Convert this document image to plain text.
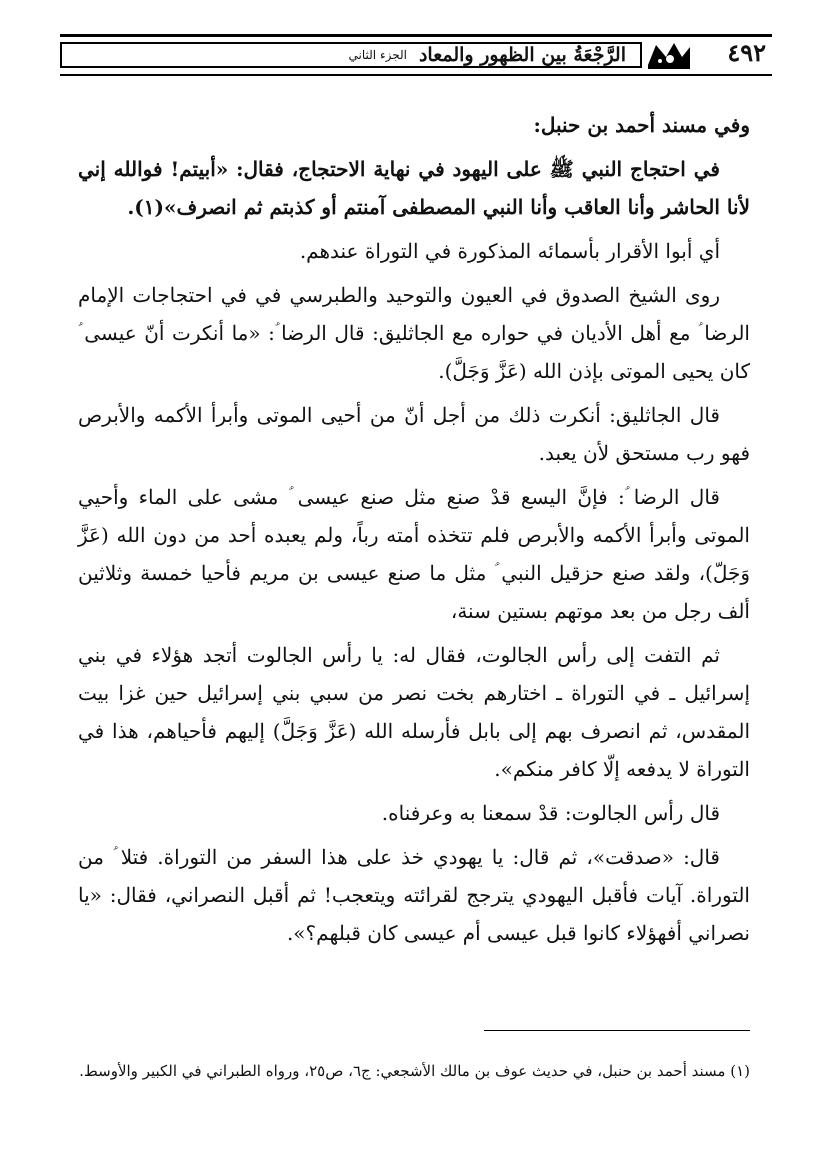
الرَّجْعَةُ بين الظهور والمعاد
الجزء الثاني	٤٩٢

وفي مسند أحمد بن حنبل:

في احتجاج النبي ﷺ على اليهود في نهاية الاحتجاج، فقال: «أبيتم! فوالله إني لأنا الحاشر وأنا العاقب وأنا النبي المصطفى آمنتم أو كذبتم ثم انصرف»(١).

أي أبوا الأقرار بأسمائه المذكورة في التوراة عندهم.

روى الشيخ الصدوق في العيون والتوحيد والطبرسي في في احتجاجات الإمام الرضا ؑ مع أهل الأديان في حواره مع الجاثليق: قال الرضا ؑ: «ما أنكرت أنّ عيسى ؑ كان يحيى الموتى بإذن الله (عَزَّ وَجَلَّ).

قال الجاثليق: أنكرت ذلك من أجل أنّ من أحيى الموتى وأبرأ الأكمه والأبرص فهو رب مستحق لأن يعبد.

قال الرضا ؑ: فإنَّ اليسع قدْ صنع مثل صنع عيسى ؑ مشى على الماء وأحيي الموتى وأبرأ الأكمه والأبرص فلم تتخذه أمته رباً، ولم يعبده أحد من دون الله (عَزَّ وَجَلّ)، ولقد صنع حزقيل النبي ؑ مثل ما صنع عيسى بن مريم فأحيا خمسة وثلاثين ألف رجل من بعد موتهم بستين سنة،

ثم التفت إلى رأس الجالوت، فقال له: يا رأس الجالوت أتجد هؤلاء في بني إسرائيل ـ في التوراة ـ اختارهم بخت نصر من سبي بني إسرائيل حين غزا بيت المقدس، ثم انصرف بهم إلى بابل فأرسله الله (عَزَّ وَجَلَّ) إليهم فأحياهم، هذا في التوراة لا يدفعه إلّا كافر منكم».

قال رأس الجالوت: قدْ سمعنا به وعرفناه.

قال: «صدقت»، ثم قال: يا يهودي خذ على هذا السفر من التوراة. فتلا ؑ من التوراة. آيات فأقبل اليهودي يترجج لقرائته ويتعجب! ثم أقبل النصراني، فقال: «يا نصراني أفهؤلاء كانوا قبل عيسى أم عيسى كان قبلهم؟».

(١) مسند أحمد بن حنبل، في حديث عوف بن مالك الأشجعي: ج٦، ص٢٥، ورواه الطبراني في الكبير والأوسط.
